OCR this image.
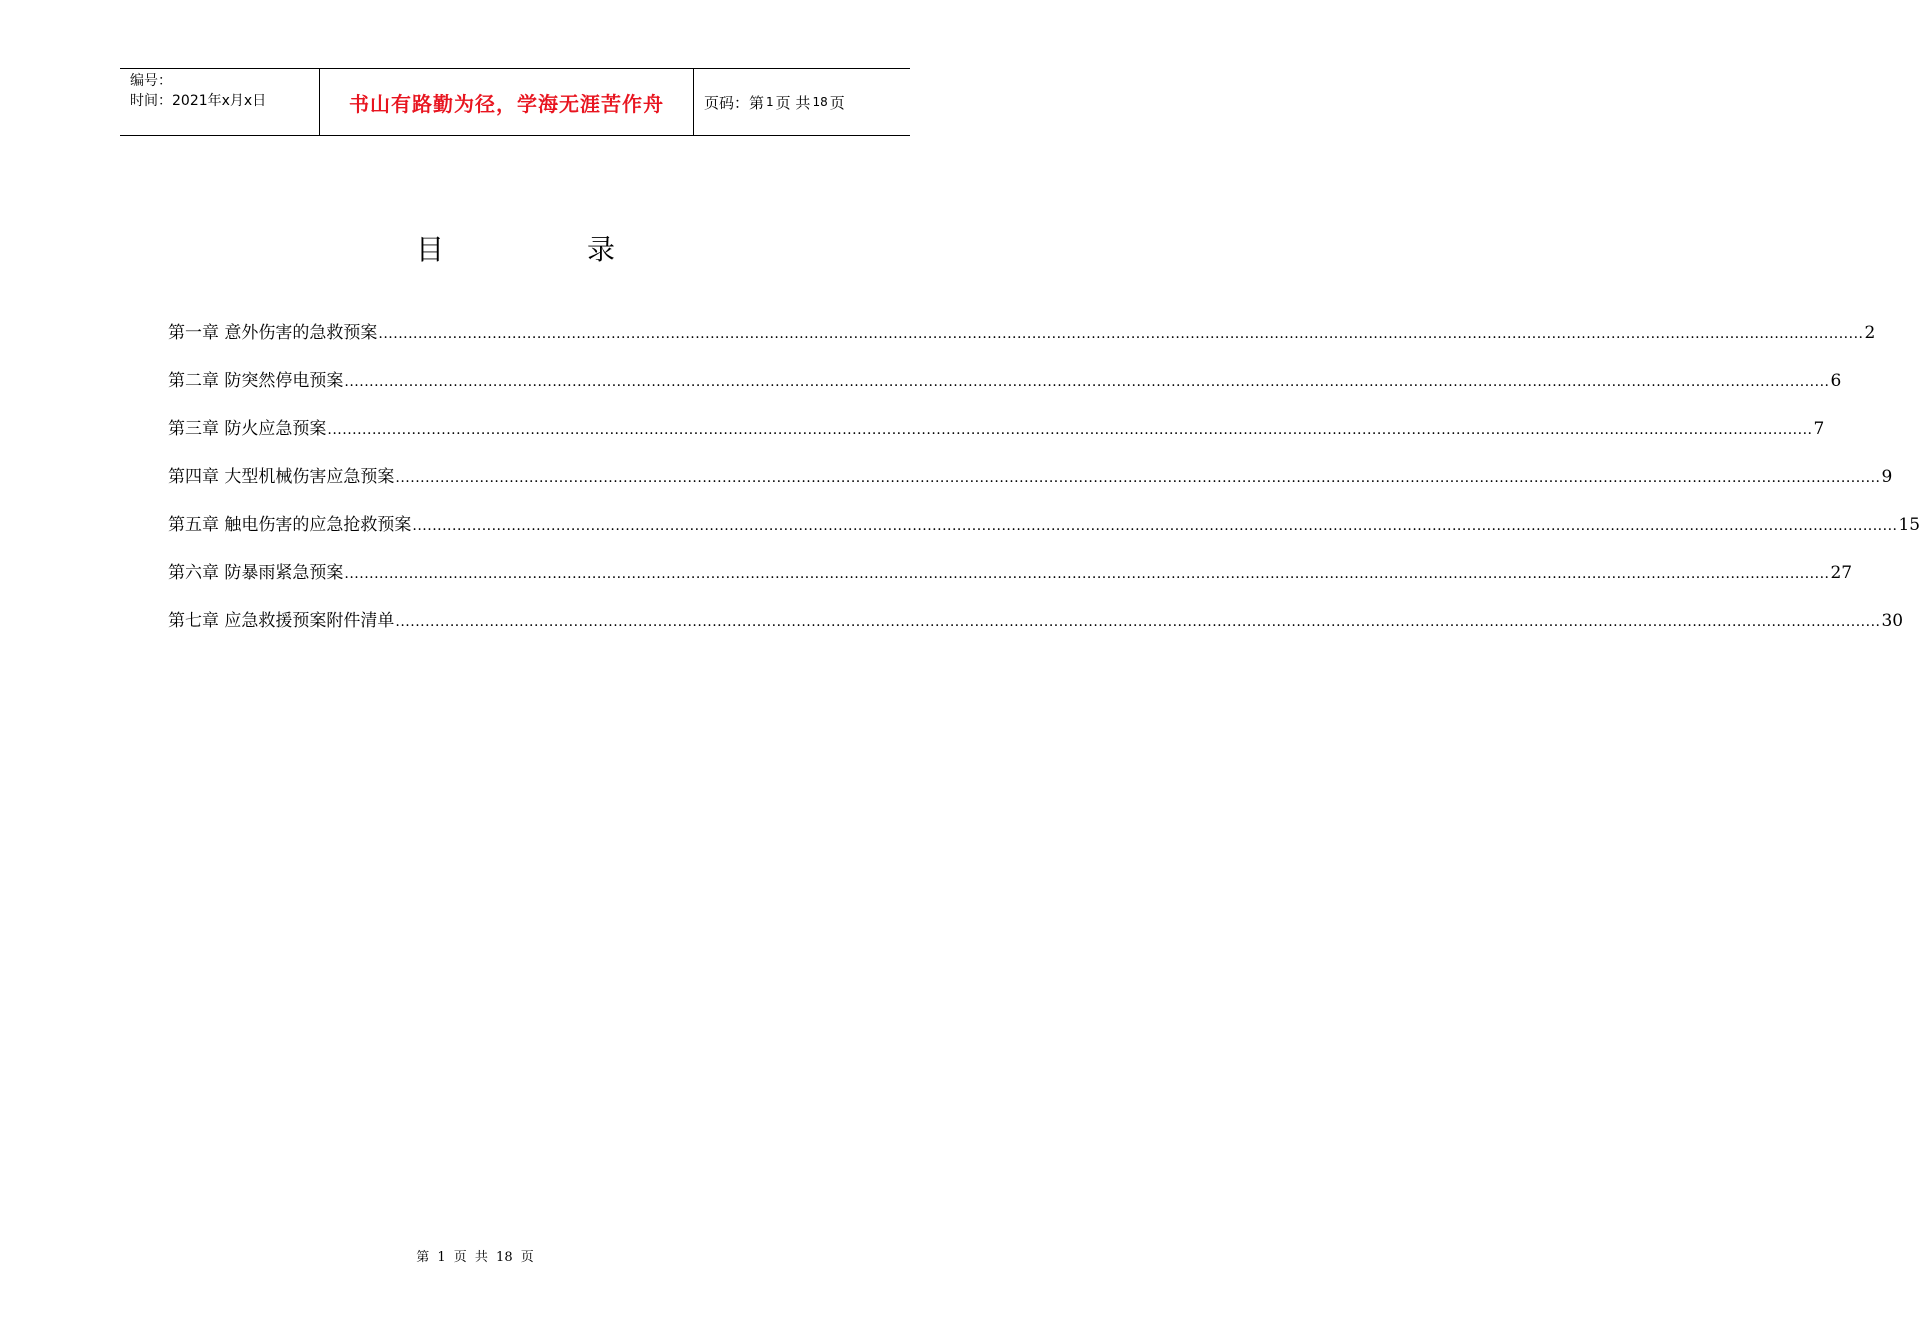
编号：
时间：2021年x月x日	书山有路勤为径，学海无涯苦作舟	页码：第 1 页 共 18 页
目	录
第一章 意外伤害的急救预案 ............................................................................................................................................................................................................................................................................................................ 2
第二章 防突然停电预案 ............................................................................................................................................................................................................................................................................................................ 6
第三章 防火应急预案 ............................................................................................................................................................................................................................................................................................................ 7
第四章 大型机械伤害应急预案 ............................................................................................................................................................................................................................................................................................................ 9
第五章 触电伤害的应急抢救预案 ............................................................................................................................................................................................................................................................................................................ 15
第六章 防暴雨紧急预案 ............................................................................................................................................................................................................................................................................................................ 27
第七章 应急救援预案附件清单 ............................................................................................................................................................................................................................................................................................................ 30
第 1 页 共 18 页
